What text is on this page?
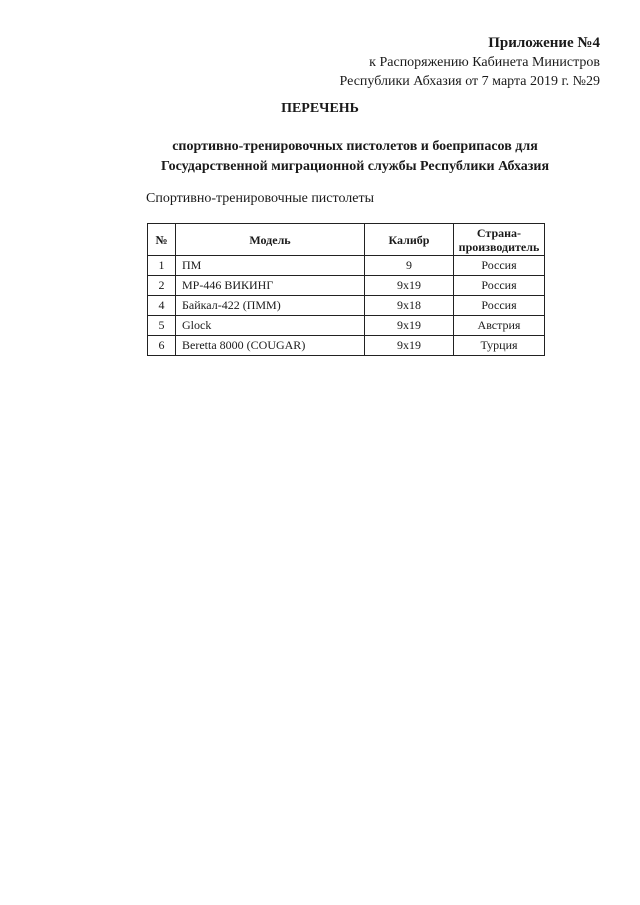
Приложение №4
к Распоряжению Кабинета Министров
Республики Абхазия от 7 марта 2019 г. №29
ПЕРЕЧЕНЬ
спортивно-тренировочных пистолетов и боеприпасов для
Государственной миграционной службы Республики Абхазия
Спортивно-тренировочные пистолеты
№	Модель	Калибр	Страна-
производитель
1	ПМ	9	Россия
2	МР-446 ВИКИНГ	9x19	Россия
4	Байкал-422 (ПММ)	9x18	Россия
5	Glock	9x19	Австрия
6	Beretta 8000 (COUGAR)	9x19	Турция
